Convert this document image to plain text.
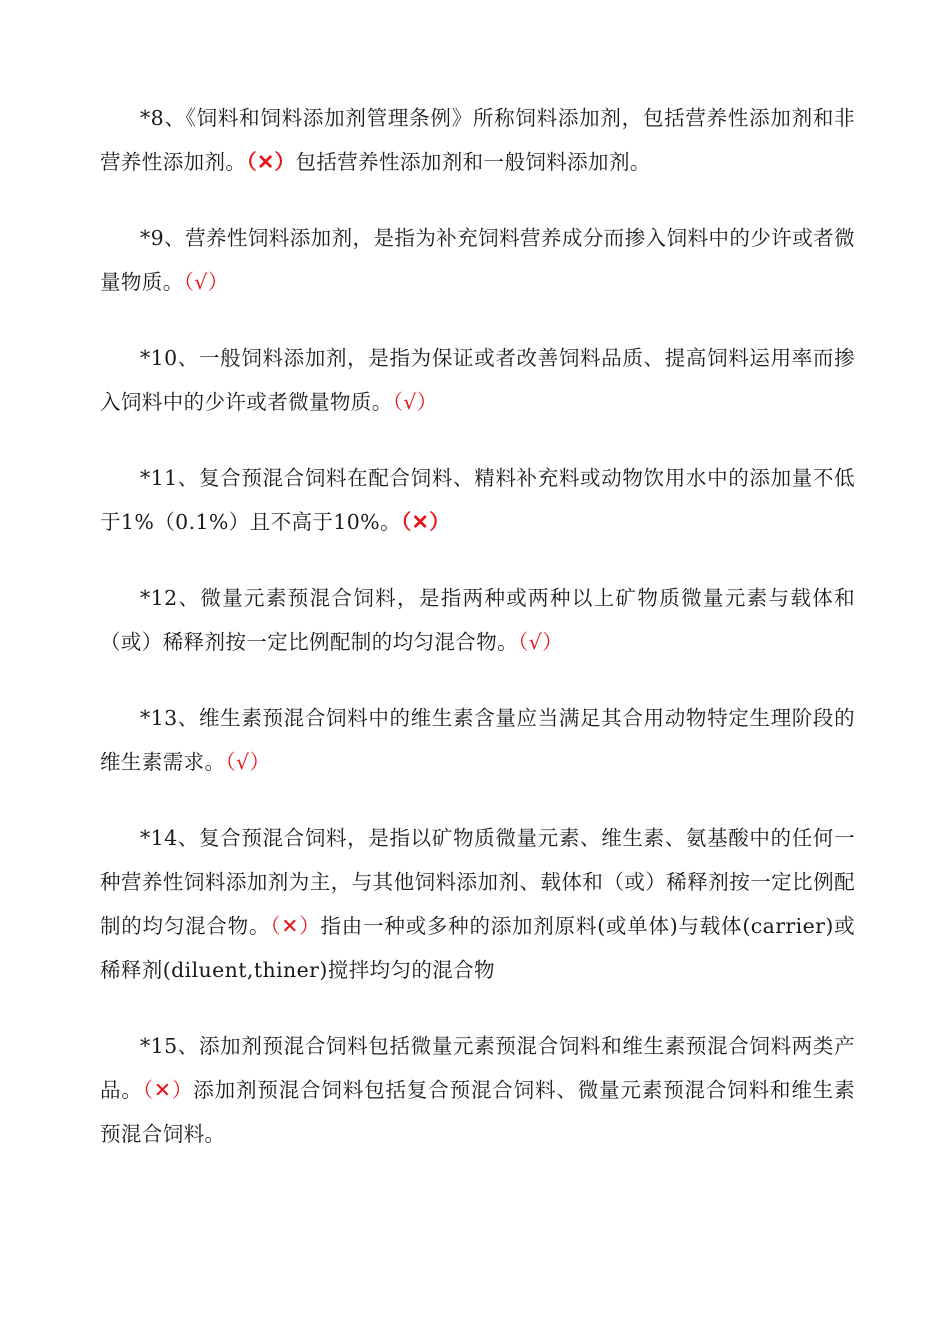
*8、《饲料和饲料添加剂管理条例》所称饲料添加剂，包括营养性添加剂和非营养性添加剂。（✕）包括营养性添加剂和一般饲料添加剂。

*9、营养性饲料添加剂，是指为补充饲料营养成分而掺入饲料中的少许或者微量物质。（√）

*10、一般饲料添加剂，是指为保证或者改善饲料品质、提高饲料运用率而掺入饲料中的少许或者微量物质。（√）

*11、复合预混合饲料在配合饲料、精料补充料或动物饮用水中的添加量不低于1%（0.1%）且不高于10%。（✕）

*12、微量元素预混合饲料，是指两种或两种以上矿物质微量元素与载体和（或）稀释剂按一定比例配制的均匀混合物。（√）

*13、维生素预混合饲料中的维生素含量应当满足其合用动物特定生理阶段的维生素需求。（√）

*14、复合预混合饲料，是指以矿物质微量元素、维生素、氨基酸中的任何一种营养性饲料添加剂为主，与其他饲料添加剂、载体和（或）稀释剂按一定比例配制的均匀混合物。（✕）指由一种或多种的添加剂原料(或单体)与载体(carrier)或稀释剂(diluent,thiner)搅拌均匀的混合物

*15、添加剂预混合饲料包括微量元素预混合饲料和维生素预混合饲料两类产品。（✕）添加剂预混合饲料包括复合预混合饲料、微量元素预混合饲料和维生素预混合饲料。
